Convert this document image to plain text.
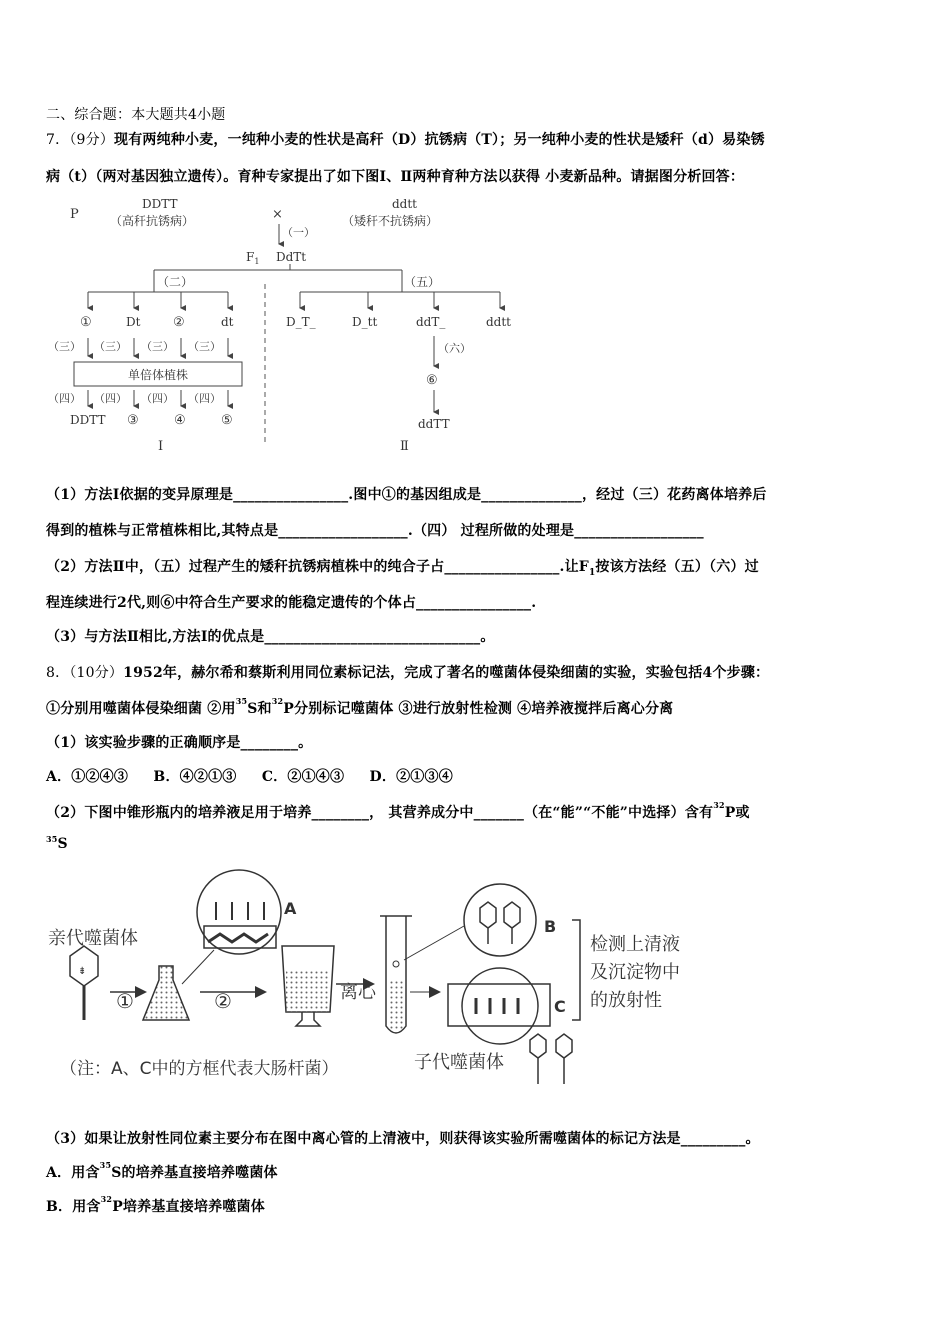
二、综合题：本大题共4小题
7．（9分）现有两纯种小麦，一纯种小麦的性状是高秆（D）抗锈病（T）；另一纯种小麦的性状是矮秆（d）易染锈
病（t）（两对基因独立遗传）。育种专家提出了如下图Ⅰ、Ⅱ两种育种方法以获得 小麦新品种。请据图分析回答：
P
DDTT
（高秆抗锈病）	×
ddtt
（矮秆不抗锈病）
（一）
$F_1$ DdTt
（二）	（五）
①	Dt	②	dt
（三） （三） （三） （三）
单倍体植株
（四） （四） （四） （四）
DDTT ③	④	⑤
Ⅰ
D_T_	D_tt	ddT_	ddtt
（六）
⑥
ddTT
Ⅱ
（1）方法Ⅰ依据的变异原理是________________.图中①的基因组成是______________，经过（三）花药离体培养后
得到的植株与正常植株相比,其特点是__________________.（四） 过程所做的处理是__________________
（2）方法Ⅱ中，（五）过程产生的矮秆抗锈病植株中的纯合子占________________.让$F_1$按该方法经（五）（六）过
程连续进行2代,则⑥中符合生产要求的能稳定遗传的个体占________________.
（3）与方法Ⅱ相比,方法Ⅰ的优点是______________________________。
8．（10分）1952年，赫尔希和蔡斯利用同位素标记法，完成了著名的噬菌体侵染细菌的实验，实验包括4个步骤：
①分别用噬菌体侵染细菌 ②用$^{35}$S和$^{32}$P分别标记噬菌体 ③进行放射性检测 ④培养液搅拌后离心分离
（1）该实验步骤的正确顺序是________。
A．①②④③     B．④②①③     C．②①④③     D．②①③④
（2）下图中锥形瓶内的培养液足用于培养________， 其营养成分中_______（在“能”“不能”中选择）含有$^{32}$P或
$^{35}$S
亲代噬菌体
⇟
①
A
②	离心
B
C
检测上清液
及沉淀物中
的放射性
（注：A、C中的方框代表大肠杆菌）	子代噬菌体
（3）如果让放射性同位素主要分布在图中离心管的上清液中，则获得该实验所需噬菌体的标记方法是_________。
A．用含$^{35}$S的培养基直接培养噬菌体
B．用含$^{32}$P培养基直接培养噬菌体
